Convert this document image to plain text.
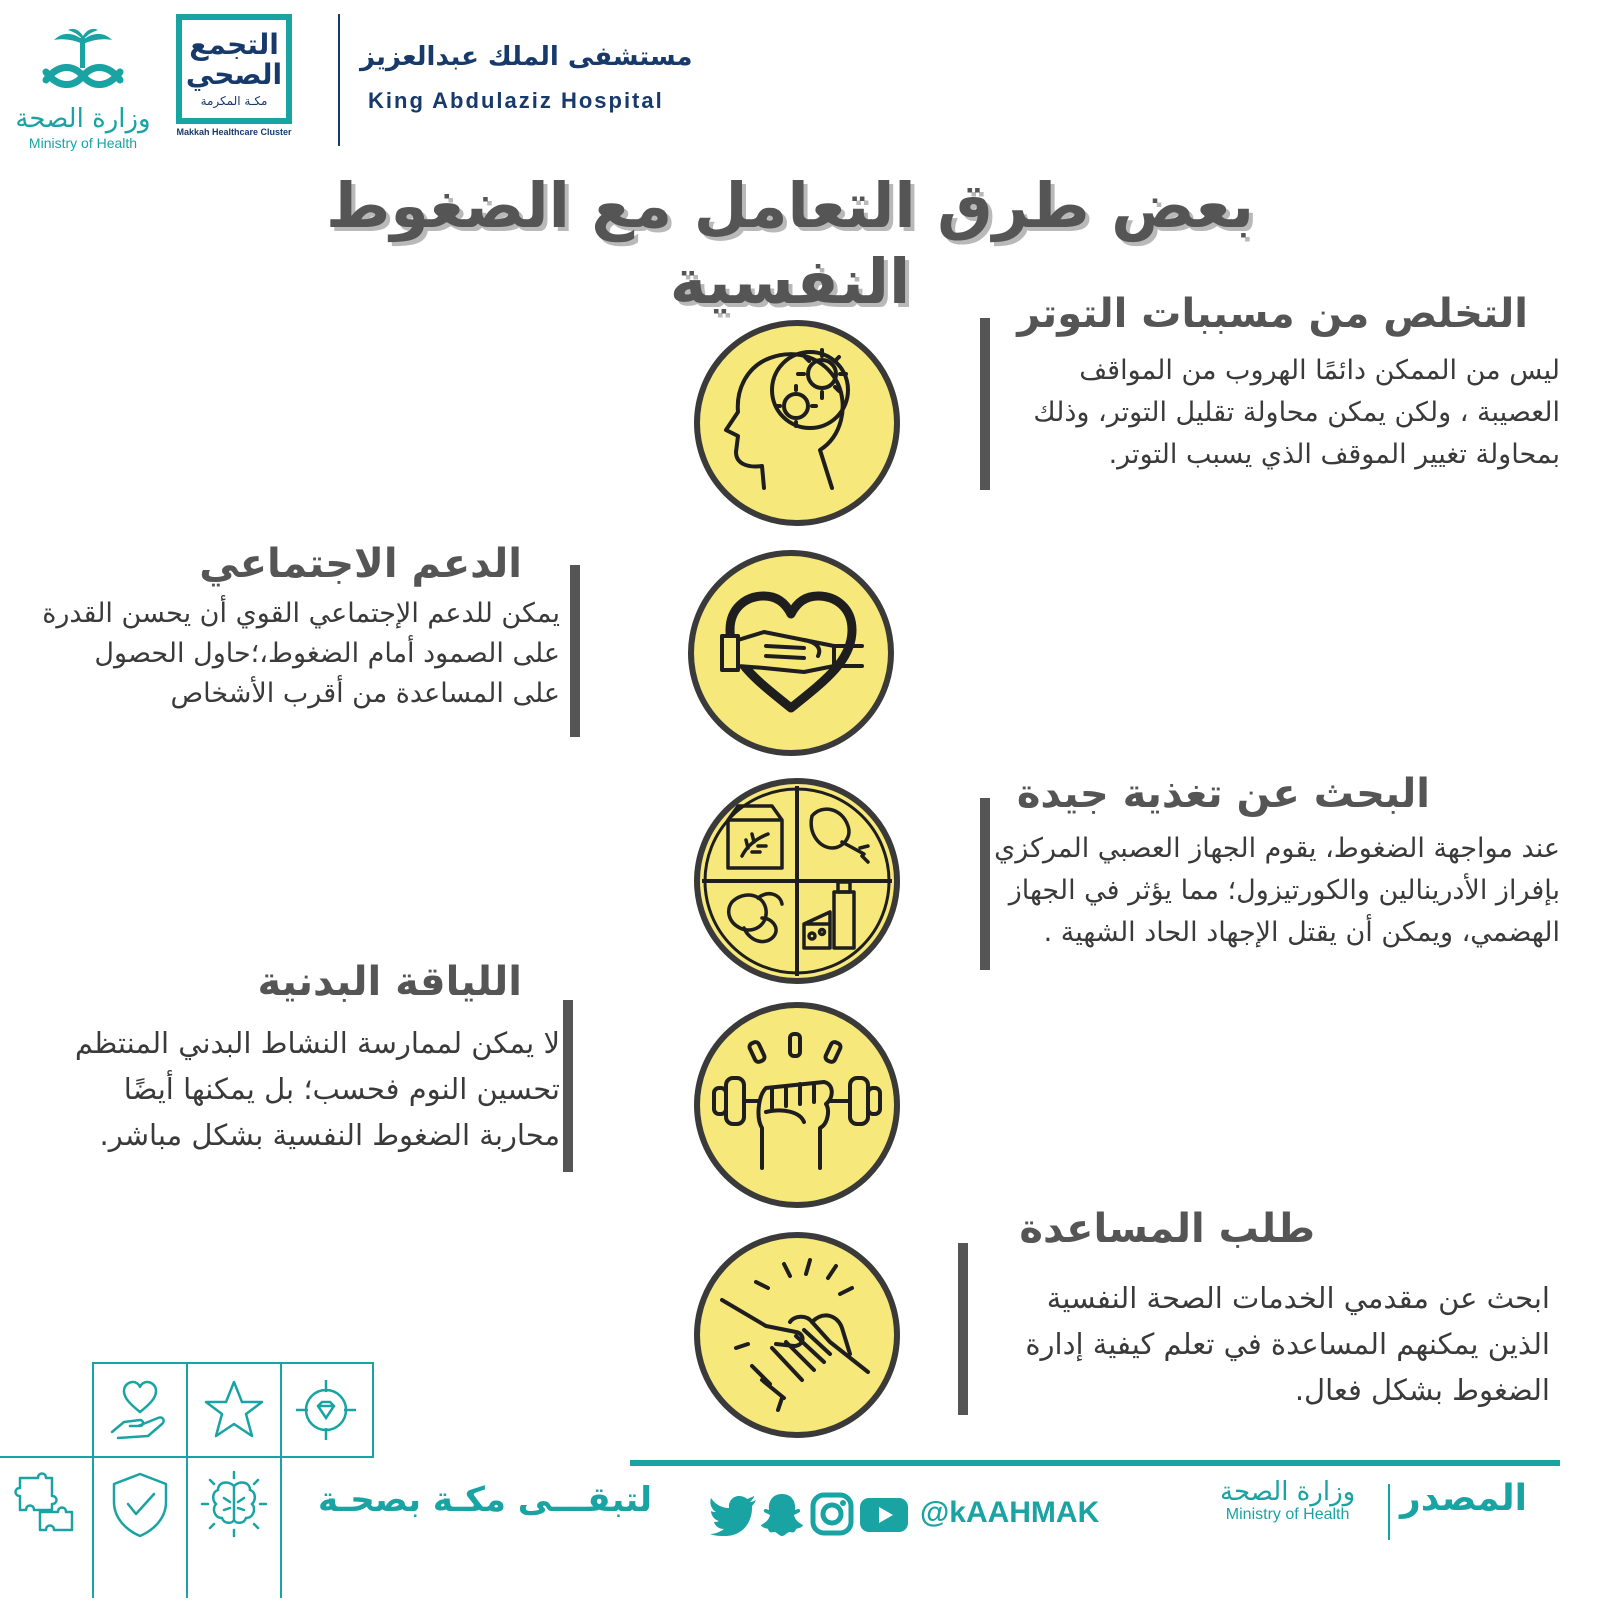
وزارة الصحة
Ministry of Health
التجمع
الصحي
مكـة المكرمة
Makkah Healthcare Cluster
مستشفى الملك عبدالعزيز
King Abdulaziz Hospital
بعض طرق التعامل مع الضغوط النفسية	التخلص من مسببات التوتر
ليس من الممكن دائمًا الهروب من المواقف العصيبة ، ولكن يمكن محاولة تقليل التوتر، وذلك بمحاولة تغيير الموقف الذي يسبب التوتر.
الدعم الاجتماعي
يمكن للدعم الإجتماعي القوي أن يحسن القدرة على الصمود أمام الضغوط،؛حاول الحصول على المساعدة من أقرب الأشخاص
البحث عن تغذية جيدة
عند مواجهة الضغوط، يقوم الجهاز العصبي المركزي بإفراز الأدرينالين والكورتيزول؛ مما يؤثر في الجهاز الهضمي، ويمكن أن يقتل الإجهاد الحاد الشهية .
اللياقة البدنية
لا يمكن لممارسة النشاط البدني المنتظم تحسين النوم فحسب؛ بل يمكنها أيضًا محاربة الضغوط النفسية بشكل مباشر.
طلب المساعدة
ابحث عن مقدمي الخدمات الصحة النفسية الذين يمكنهم المساعدة في تعلم كيفية إدارة الضغوط بشكل فعال.
لتبقـــى مكـة بصحـة	@kAAHMAK
وزارة الصحة
Ministry of Health المصدر
